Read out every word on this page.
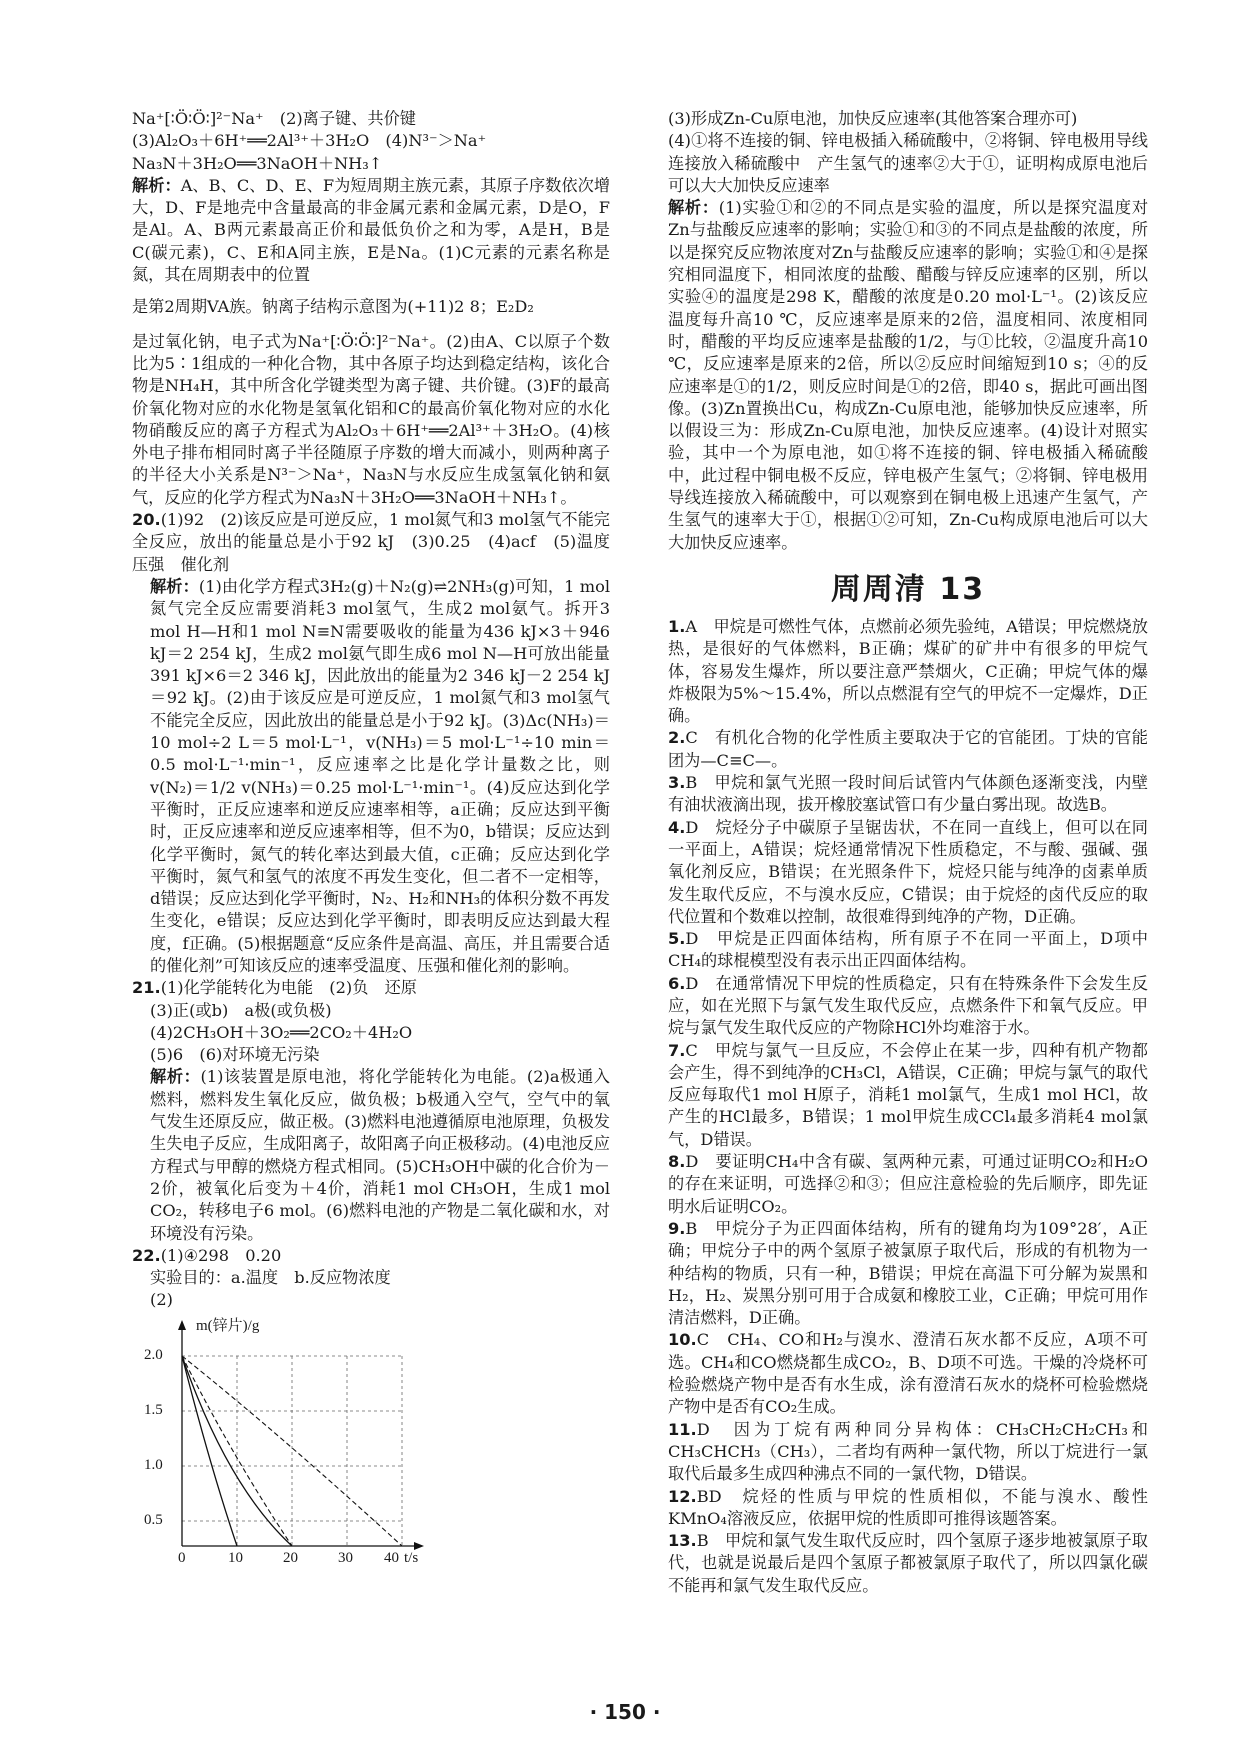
Na⁺[∶Ö∶Ö∶]²⁻Na⁺　(2)离子键、共价键

(3)Al₂O₃＋6H⁺══2Al³⁺＋3H₂O　(4)N³⁻＞Na⁺

Na₃N＋3H₂O══3NaOH＋NH₃↑

解析：A、B、C、D、E、F为短周期主族元素，其原子序数依次增大，D、F是地壳中含量最高的非金属元素和金属元素，D是O，F是Al。A、B两元素最高正价和最低负价之和为零，A是H，B是C(碳元素)，C、E和A同主族，E是Na。(1)C元素的元素名称是氮，其在周期表中的位置

是第2周期VA族。钠离子结构示意图为(+11)2 8；E₂D₂

是过氧化钠，电子式为Na⁺[∶Ö∶Ö∶]²⁻Na⁺。(2)由A、C以原子个数比为5∶1组成的一种化合物，其中各原子均达到稳定结构，该化合物是NH₄H，其中所含化学键类型为离子键、共价键。(3)F的最高价氧化物对应的水化物是氢氧化铝和C的最高价氧化物对应的水化物硝酸反应的离子方程式为Al₂O₃＋6H⁺══2Al³⁺＋3H₂O。(4)核外电子排布相同时离子半径随原子序数的增大而减小，则两种离子的半径大小关系是N³⁻＞Na⁺，Na₃N与水反应生成氢氧化钠和氨气，反应的化学方程式为Na₃N＋3H₂O══3NaOH＋NH₃↑。

20.(1)92　(2)该反应是可逆反应，1 mol氮气和3 mol氢气不能完全反应，放出的能量总是小于92 kJ　(3)0.25　(4)acf　(5)温度　压强　催化剂

解析：(1)由化学方程式3H₂(g)＋N₂(g)⇌2NH₃(g)可知，1 mol氮气完全反应需要消耗3 mol氢气，生成2 mol氨气。拆开3 mol H—H和1 mol N≡N需要吸收的能量为436 kJ×3＋946 kJ＝2 254 kJ，生成2 mol氨气即生成6 mol N—H可放出能量391 kJ×6＝2 346 kJ，因此放出的能量为2 346 kJ－2 254 kJ＝92 kJ。(2)由于该反应是可逆反应，1 mol氮气和3 mol氢气不能完全反应，因此放出的能量总是小于92 kJ。(3)Δc(NH₃)＝10 mol÷2 L＝5 mol·L⁻¹，v(NH₃)＝5 mol·L⁻¹÷10 min＝0.5 mol·L⁻¹·min⁻¹，反应速率之比是化学计量数之比，则v(N₂)＝1/2 v(NH₃)＝0.25 mol·L⁻¹·min⁻¹。(4)反应达到化学平衡时，正反应速率和逆反应速率相等，a正确；反应达到平衡时，正反应速率和逆反应速率相等，但不为0，b错误；反应达到化学平衡时，氮气的转化率达到最大值，c正确；反应达到化学平衡时，氮气和氢气的浓度不再发生变化，但二者不一定相等，d错误；反应达到化学平衡时，N₂、H₂和NH₃的体积分数不再发生变化，e错误；反应达到化学平衡时，即表明反应达到最大程度，f正确。(5)根据题意“反应条件是高温、高压，并且需要合适的催化剂”可知该反应的速率受温度、压强和催化剂的影响。

21.(1)化学能转化为电能　(2)负　还原

(3)正(或b)　a极(或负极)

(4)2CH₃OH＋3O₂══2CO₂＋4H₂O

(5)6　(6)对环境无污染

解析：(1)该装置是原电池，将化学能转化为电能。(2)a极通入燃料，燃料发生氧化反应，做负极；b极通入空气，空气中的氧气发生还原反应，做正极。(3)燃料电池遵循原电池原理，负极发生失电子反应，生成阳离子，故阳离子向正极移动。(4)电池反应方程式与甲醇的燃烧方程式相同。(5)CH₃OH中碳的化合价为－2价，被氧化后变为＋4价，消耗1 mol CH₃OH，生成1 mol CO₂，转移电子6 mol。(6)燃料电池的产物是二氧化碳和水，对环境没有污染。

22.(1)④298　0.20

实验目的：a.温度　b.反应物浓度

(2)

m(锌片)/g
t/s
2.0
1.5
1.0
0.5
0	10	20	30 40

(3)形成Zn-Cu原电池，加快反应速率(其他答案合理亦可)

(4)①将不连接的铜、锌电极插入稀硫酸中，②将铜、锌电极用导线连接放入稀硫酸中　产生氢气的速率②大于①，证明构成原电池后可以大大加快反应速率

解析：(1)实验①和②的不同点是实验的温度，所以是探究温度对Zn与盐酸反应速率的影响；实验①和③的不同点是盐酸的浓度，所以是探究反应物浓度对Zn与盐酸反应速率的影响；实验①和④是探究相同温度下，相同浓度的盐酸、醋酸与锌反应速率的区别，所以实验④的温度是298 K，醋酸的浓度是0.20 mol·L⁻¹。(2)该反应温度每升高10 ℃，反应速率是原来的2倍，温度相同、浓度相同时，醋酸的平均反应速率是盐酸的1/2，与①比较，②温度升高10 ℃，反应速率是原来的2倍，所以②反应时间缩短到10 s；④的反应速率是①的1/2，则反应时间是①的2倍，即40 s，据此可画出图像。(3)Zn置换出Cu，构成Zn-Cu原电池，能够加快反应速率，所以假设三为：形成Zn-Cu原电池，加快反应速率。(4)设计对照实验，其中一个为原电池，如①将不连接的铜、锌电极插入稀硫酸中，此过程中铜电极不反应，锌电极产生氢气；②将铜、锌电极用导线连接放入稀硫酸中，可以观察到在铜电极上迅速产生氢气，产生氢气的速率大于①，根据①②可知，Zn-Cu构成原电池后可以大大加快反应速率。

周周清 13

1.A　甲烷是可燃性气体，点燃前必须先验纯，A错误；甲烷燃烧放热，是很好的气体燃料，B正确；煤矿的矿井中有很多的甲烷气体，容易发生爆炸，所以要注意严禁烟火，C正确；甲烷气体的爆炸极限为5%～15.4%，所以点燃混有空气的甲烷不一定爆炸，D正确。

2.C　有机化合物的化学性质主要取决于它的官能团。丁炔的官能团为—C≡C—。

3.B　甲烷和氯气光照一段时间后试管内气体颜色逐渐变浅，内壁有油状液滴出现，拔开橡胶塞试管口有少量白雾出现。故选B。

4.D　烷烃分子中碳原子呈锯齿状，不在同一直线上，但可以在同一平面上，A错误；烷烃通常情况下性质稳定，不与酸、强碱、强氧化剂反应，B错误；在光照条件下，烷烃只能与纯净的卤素单质发生取代反应，不与溴水反应，C错误；由于烷烃的卤代反应的取代位置和个数难以控制，故很难得到纯净的产物，D正确。

5.D　甲烷是正四面体结构，所有原子不在同一平面上，D项中CH₄的球棍模型没有表示出正四面体结构。

6.D　在通常情况下甲烷的性质稳定，只有在特殊条件下会发生反应，如在光照下与氯气发生取代反应，点燃条件下和氧气反应。甲烷与氯气发生取代反应的产物除HCl外均难溶于水。

7.C　甲烷与氯气一旦反应，不会停止在某一步，四种有机产物都会产生，得不到纯净的CH₃Cl，A错误，C正确；甲烷与氯气的取代反应每取代1 mol H原子，消耗1 mol氯气，生成1 mol HCl，故产生的HCl最多，B错误；1 mol甲烷生成CCl₄最多消耗4 mol氯气，D错误。

8.D　要证明CH₄中含有碳、氢两种元素，可通过证明CO₂和H₂O的存在来证明，可选择②和③；但应注意检验的先后顺序，即先证明水后证明CO₂。

9.B　甲烷分子为正四面体结构，所有的键角均为109°28′，A正确；甲烷分子中的两个氢原子被氯原子取代后，形成的有机物为一种结构的物质，只有一种，B错误；甲烷在高温下可分解为炭黑和H₂，H₂、炭黑分别可用于合成氨和橡胶工业，C正确；甲烷可用作清洁燃料，D正确。

10.C　CH₄、CO和H₂与溴水、澄清石灰水都不反应，A项不可选。CH₄和CO燃烧都生成CO₂，B、D项不可选。干燥的冷烧杯可检验燃烧产物中是否有水生成，涂有澄清石灰水的烧杯可检验燃烧产物中是否有CO₂生成。

11.D　因为丁烷有两种同分异构体：CH₃CH₂CH₂CH₃和CH₃CHCH₃（CH₃），二者均有两种一氯代物，所以丁烷进行一氯取代后最多生成四种沸点不同的一氯代物，D错误。

12.BD　烷烃的性质与甲烷的性质相似，不能与溴水、酸性KMnO₄溶液反应，依据甲烷的性质即可推得该题答案。

13.B　甲烷和氯气发生取代反应时，四个氢原子逐步地被氯原子取代，也就是说最后是四个氢原子都被氯原子取代了，所以四氯化碳不能再和氯气发生取代反应。

· 150 ·
